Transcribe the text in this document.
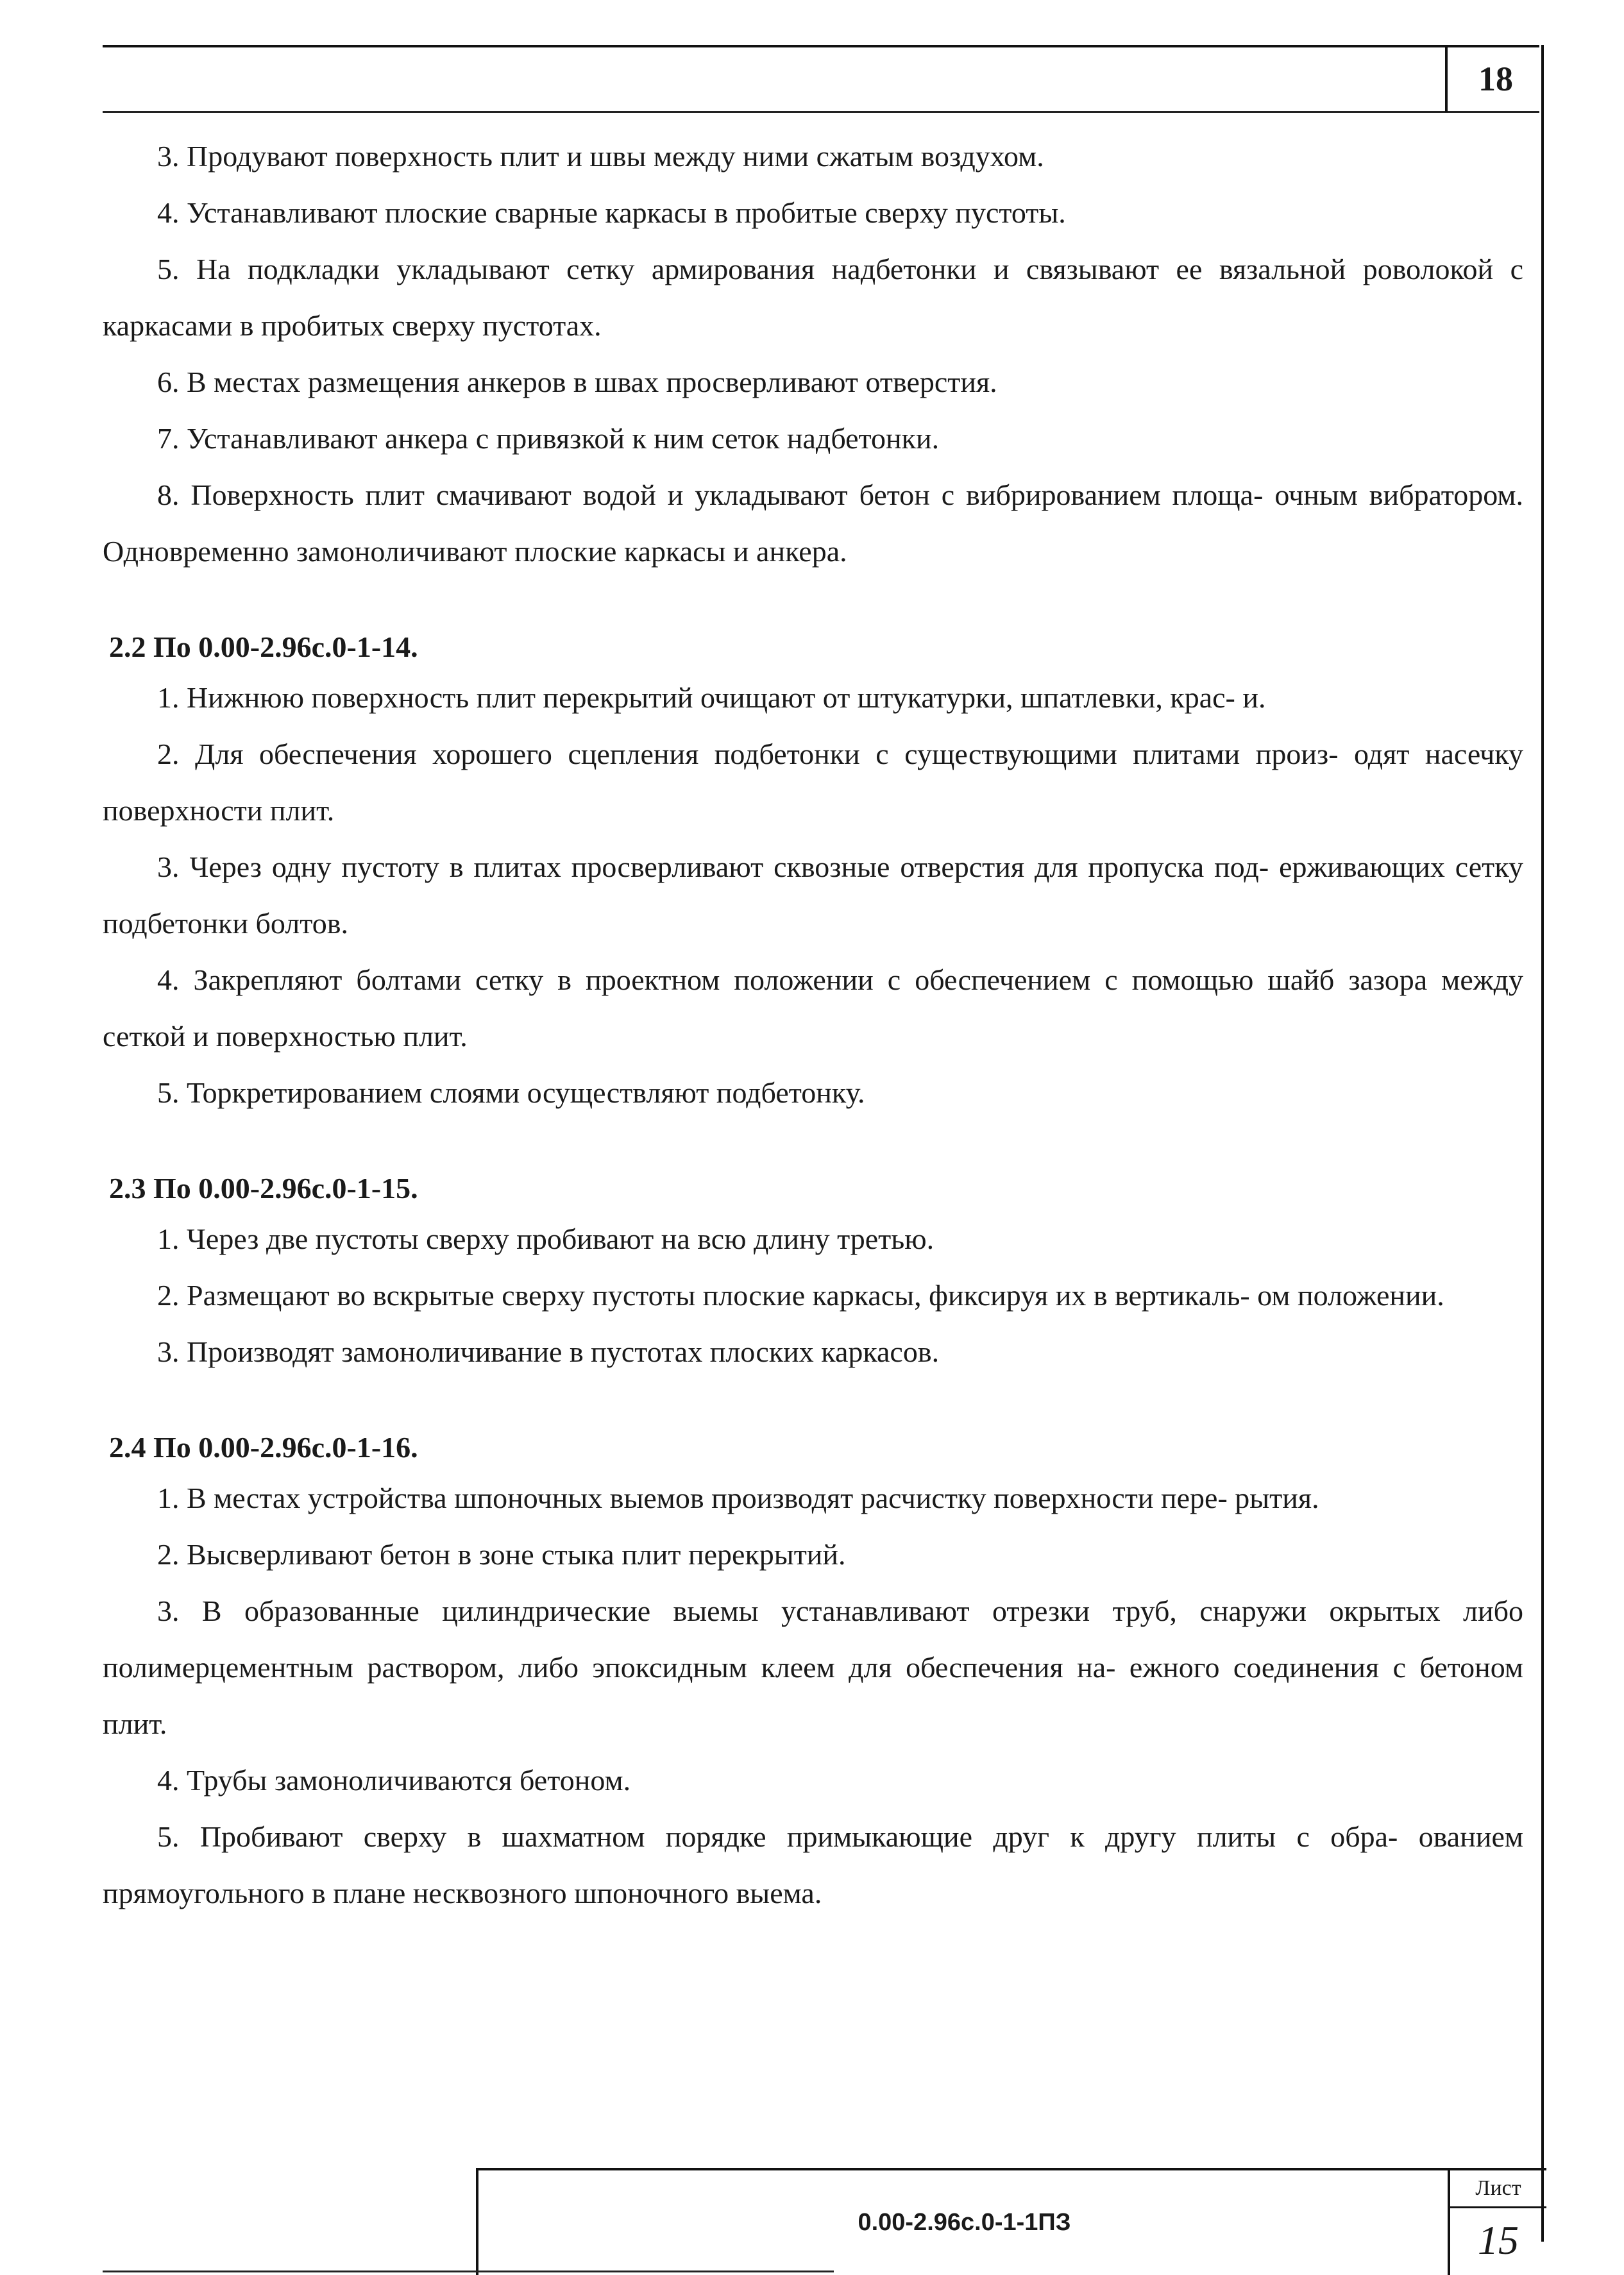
18

3. Продувают поверхность плит и швы между ними сжатым воздухом.

4. Устанавливают плоские сварные каркасы в пробитые сверху пустоты.

5. На подкладки укладывают сетку армирования надбетонки и связывают ее вязальной роволокой с каркасами в пробитых сверху пустотах.

6. В местах размещения анкеров в швах просверливают отверстия.

7. Устанавливают анкера с привязкой к ним сеток надбетонки.

8. Поверхность плит смачивают водой и укладывают бетон с вибрированием площа- очным вибратором. Одновременно замоноличивают плоские каркасы и анкера.

2.2 По 0.00-2.96с.0-1-14.

1. Нижнюю поверхность плит перекрытий очищают от штукатурки, шпатлевки, крас- и.

2. Для обеспечения хорошего сцепления подбетонки с существующими плитами произ- одят насечку поверхности плит.

3. Через одну пустоту в плитах просверливают сквозные отверстия для пропуска под- ерживающих сетку подбетонки болтов.

4. Закрепляют болтами сетку в проектном положении с обеспечением с помощью шайб зазора между сеткой и поверхностью плит.

5. Торкретированием слоями осуществляют подбетонку.

2.3 По 0.00-2.96с.0-1-15.

1. Через две пустоты сверху пробивают на всю длину третью.

2. Размещают во вскрытые сверху пустоты плоские каркасы, фиксируя их в вертикаль- ом положении.

3. Производят замоноличивание в пустотах плоских каркасов.

2.4 По 0.00-2.96с.0-1-16.

1. В местах устройства шпоночных выемов производят расчистку поверхности пере- рытия.

2. Высверливают бетон в зоне стыка плит перекрытий.

3. В образованные цилиндрические выемы устанавливают отрезки труб, снаружи окрытых либо полимерцементным раствором, либо эпоксидным клеем для обеспечения на- ежного соединения с бетоном плит.

4. Трубы замоноличиваются бетоном.

5. Пробивают сверху в шахматном порядке примыкающие друг к другу плиты с обра- ованием прямоугольного в плане несквозного шпоночного выема.

0.00-2.96с.0-1-1ПЗ
Лист
15
